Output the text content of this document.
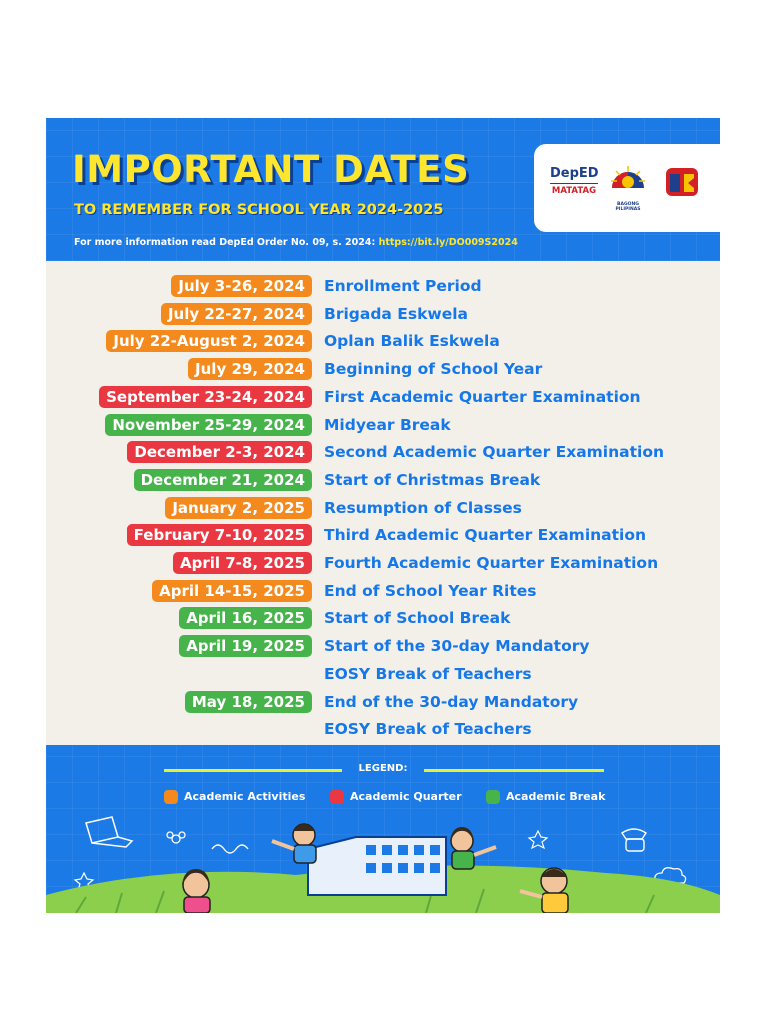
IMPORTANT DATES

TO REMEMBER FOR SCHOOL YEAR 2024-2025

For more information read DepEd Order No. 09, s. 2024: https://bit.ly/DO009S2024

DepED
MATATAG
BAGONG PILIPINAS
July 3-26, 2024	Enrollment Period
July 22-27, 2024	Brigada Eskwela
July 22-August 2, 2024	Oplan Balik Eskwela
July 29, 2024	Beginning of School Year
September 23-24, 2024	First Academic Quarter Examination
November 25-29, 2024	Midyear Break
December 2-3, 2024	Second Academic Quarter Examination
December 21, 2024	Start of Christmas Break
January 2, 2025	Resumption of Classes
February 7-10, 2025	Third Academic Quarter Examination
April 7-8, 2025	Fourth Academic Quarter Examination
April 14-15, 2025	End of School Year Rites
April 16, 2025	Start of School Break
April 19, 2025	Start of the 30-day Mandatory
EOSY Break of Teachers
May 18, 2025	End of the 30-day Mandatory
EOSY Break of Teachers
LEGEND:
Academic Activities	Academic Quarter	Academic Break
